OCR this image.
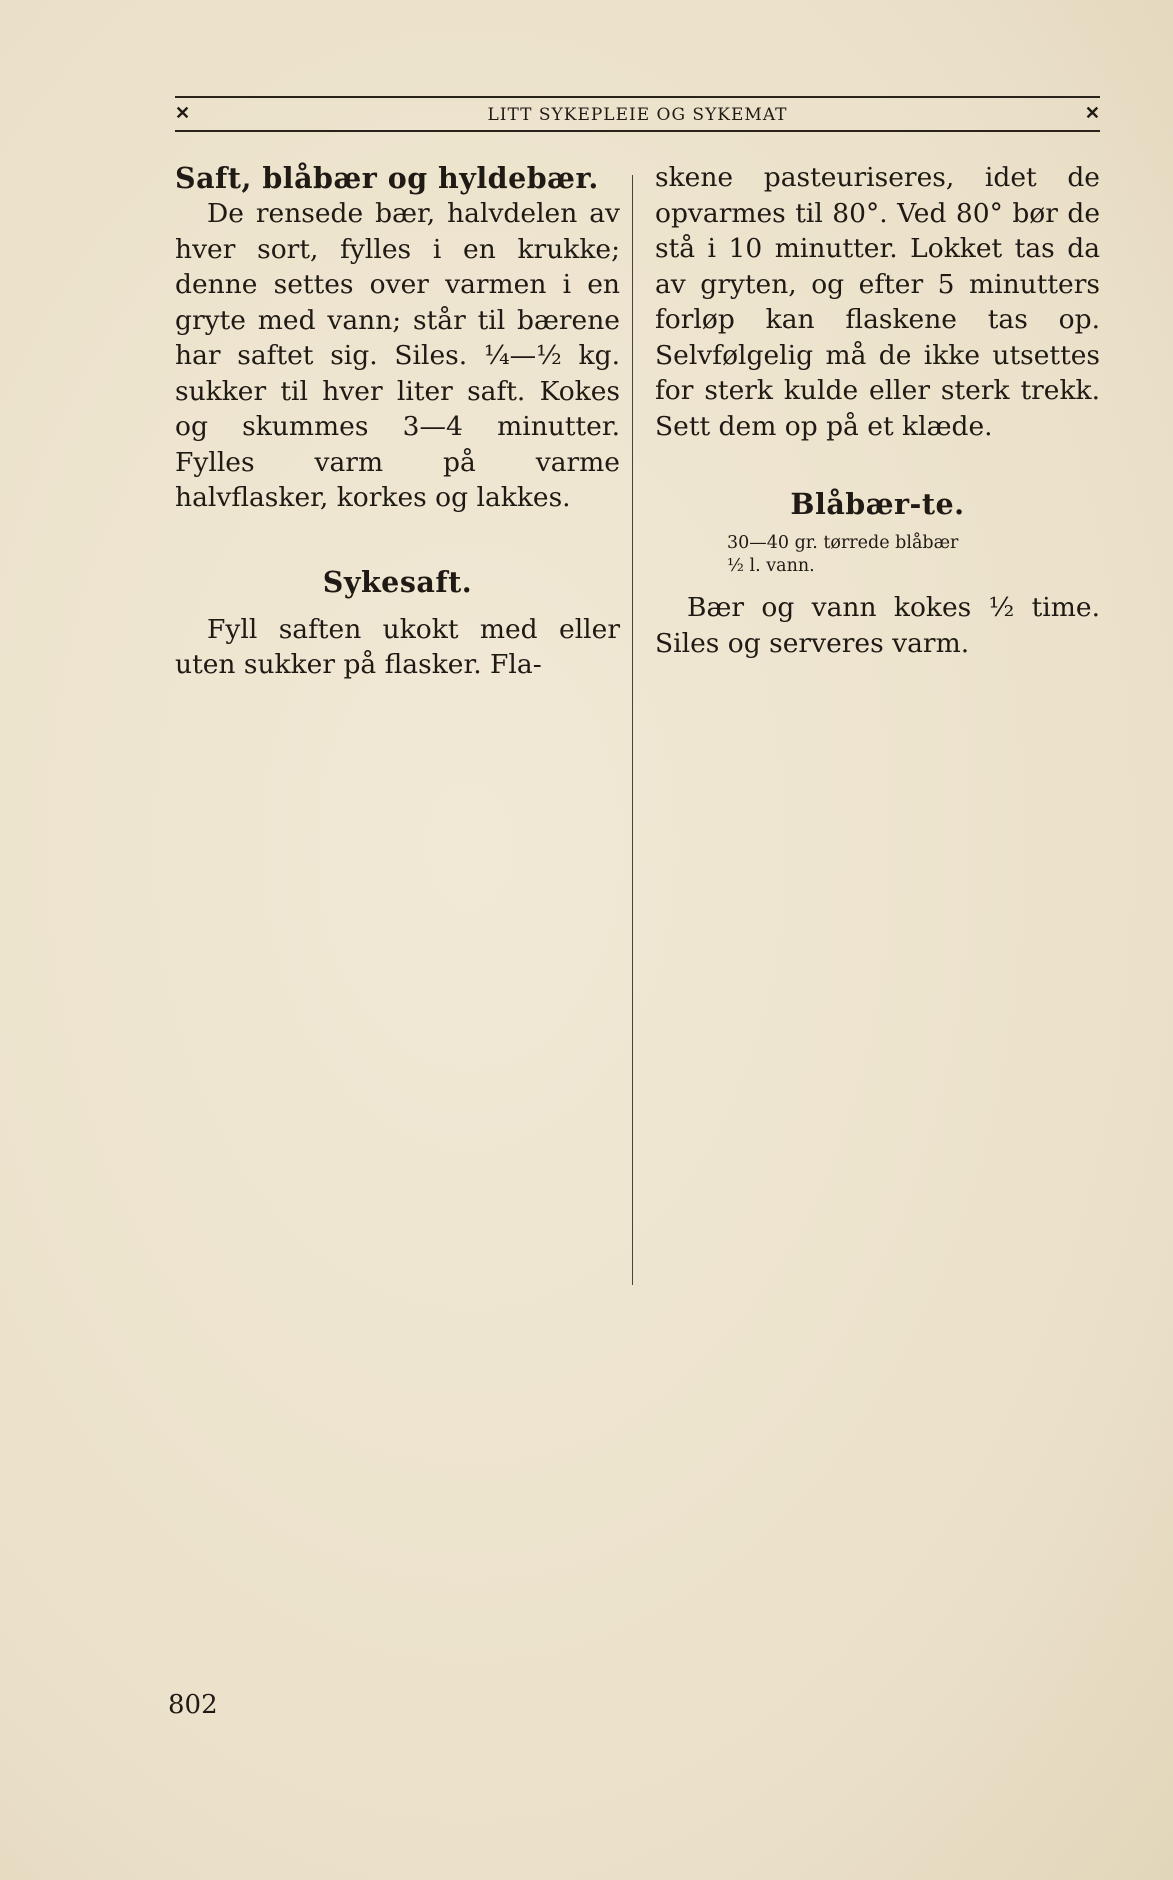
✕	LITT SYKEPLEIE OG SYKEMAT	✕
Saft, blåbær og hyldebær.

De rensede bær, halvdelen av hver sort, fylles i en krukke; denne settes over varmen i en gryte med vann; står til bærene har saftet sig. Siles. ¼—½ kg. sukker til hver liter saft. Kokes og skummes 3—4 minutter. Fylles varm på varme halvflasker, korkes og lakkes.

Sykesaft.

Fyll saften ukokt med eller uten sukker på flasker. Fla-

skene pasteuriseres, idet de opvarmes til 80°. Ved 80° bør de stå i 10 minutter. Lokket tas da av gryten, og efter 5 minutters forløp kan flaskene tas op. Selvfølgelig må de ikke utsettes for sterk kulde eller sterk trekk. Sett dem op på et klæde.

Blåbær-te.
30—40 gr. tørrede blåbær
½ l. vann.

Bær og vann kokes ½ time. Siles og serveres varm.

802
